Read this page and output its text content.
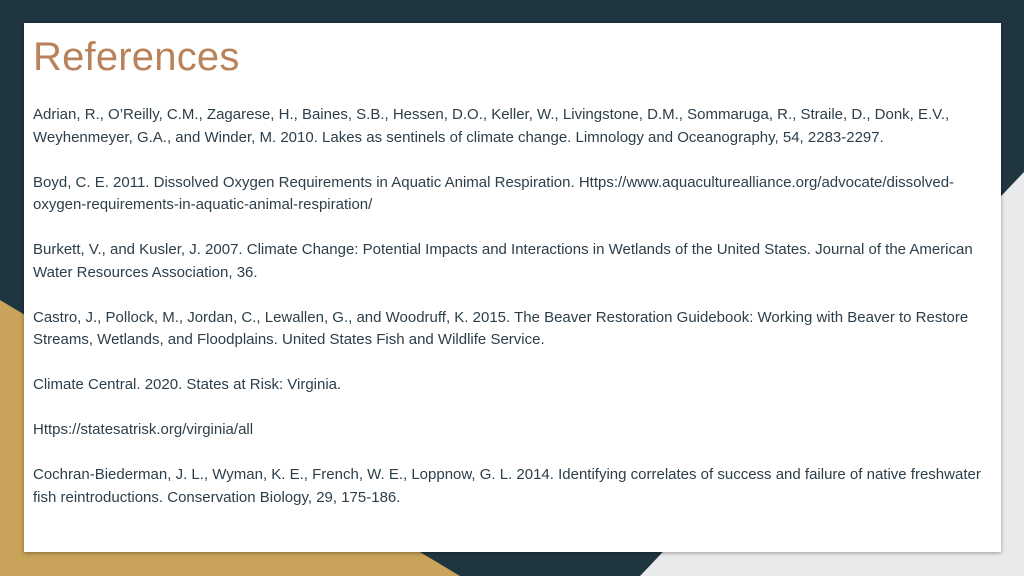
References

Adrian, R., O’Reilly, C.M., Zagarese, H., Baines, S.B., Hessen, D.O., Keller, W., Livingstone, D.M., Sommaruga, R., Straile, D., Donk, E.V., Weyhenmeyer, G.A., and Winder, M. 2010. Lakes as sentinels of climate change. Limnology and Oceanography, 54, 2283-2297.

Boyd, C. E. 2011. Dissolved Oxygen Requirements in Aquatic Animal Respiration. Https://www.aquaculturealliance.org/advocate/dissolved-oxygen-requirements-in-aquatic-animal-respiration/

Burkett, V., and Kusler, J. 2007. Climate Change: Potential Impacts and Interactions in Wetlands of the United States. Journal of the American Water Resources Association, 36.

Castro, J., Pollock, M., Jordan, C., Lewallen, G., and Woodruff, K. 2015. The Beaver Restoration Guidebook: Working with Beaver to Restore Streams, Wetlands, and Floodplains. United States Fish and Wildlife Service.

Climate Central. 2020. States at Risk: Virginia.

Https://statesatrisk.org/virginia/all

Cochran-Biederman, J. L., Wyman, K. E., French, W. E., Loppnow, G. L. 2014. Identifying correlates of success and failure of native freshwater fish reintroductions. Conservation Biology, 29, 175-186.
